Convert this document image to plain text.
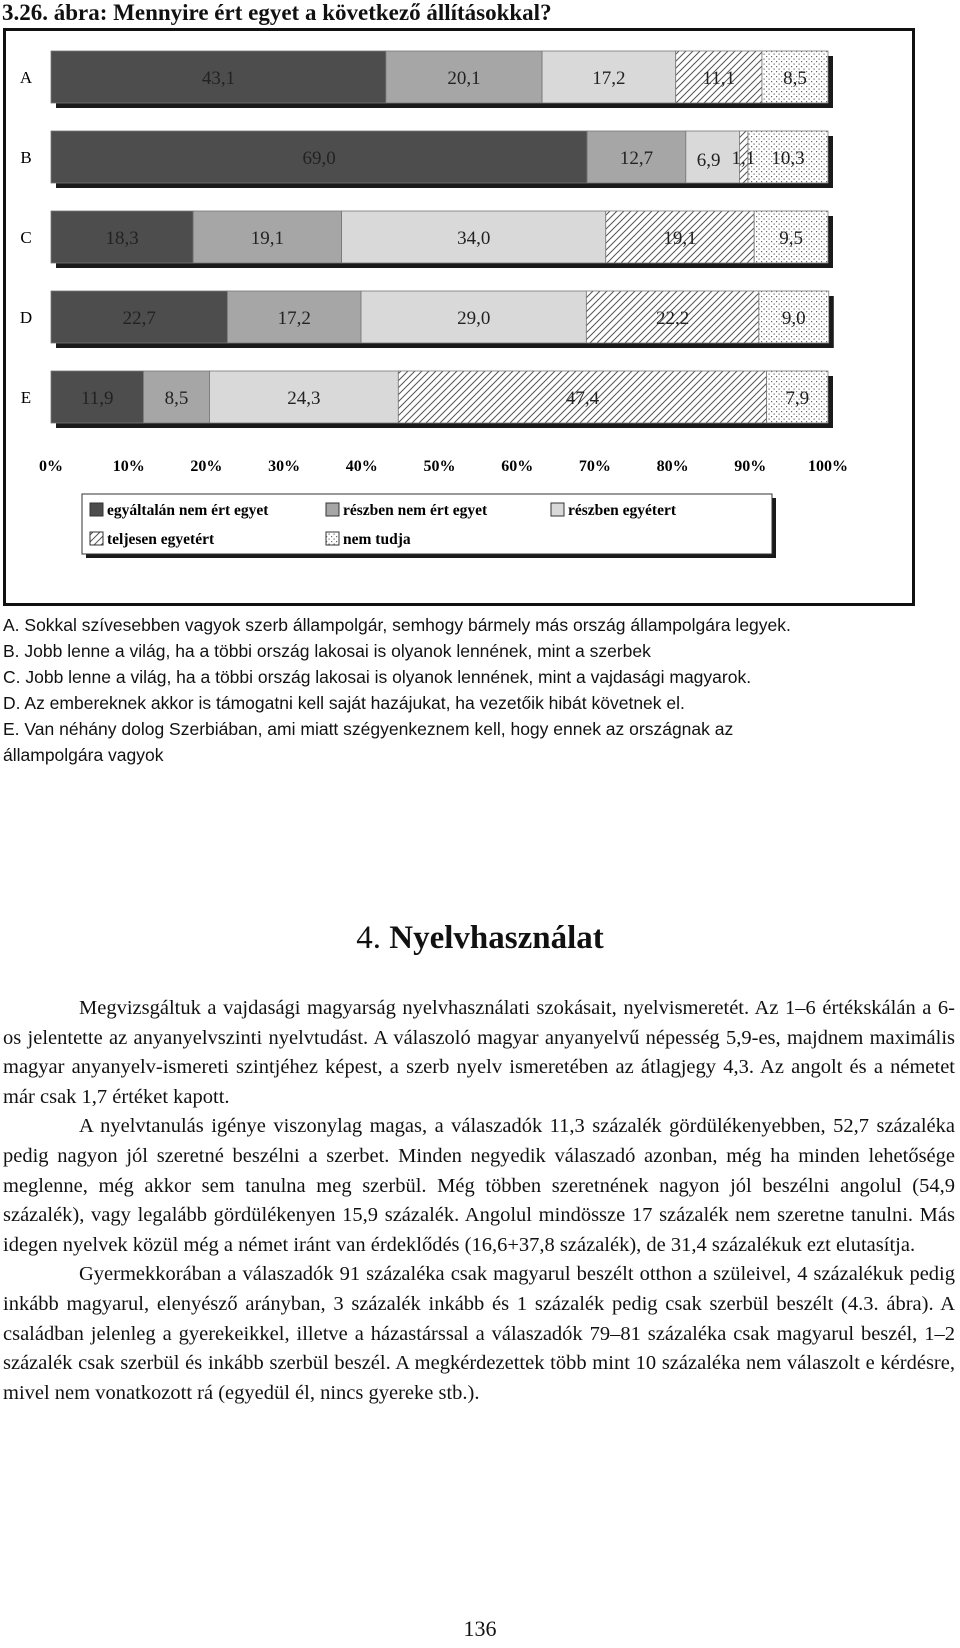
3.26. ábra: Mennyire ért egyet a következő állításokkal?
A	43,1	20,1	17,2	11,1	8,5
B	69,0	12,7 6,9 1,1 10,3
C	18,3	19,1	34,0	19,1	9,5
D	22,7	17,2	29,0	22,2	9,0
E	11,9	8,5	24,3	47,4	7,9
0%	10%	20%	30%	40%	50%	60%	70%	80%	90%	100%
egyáltalán nem ért egyet	részben nem ért egyet	részben egyétert
teljesen egyetért	nem tudja
A. Sokkal szívesebben vagyok szerb állampolgár, semhogy bármely más ország állampolgára legyek.
B. Jobb lenne a világ, ha a többi ország lakosai is olyanok lennének, mint a szerbek
C. Jobb lenne a világ, ha a többi ország lakosai is olyanok lennének, mint a vajdasági magyarok.
D. Az embereknek akkor is támogatni kell saját hazájukat, ha vezetőik hibát követnek el.
E. Van néhány dolog Szerbiában, ami miatt szégyenkeznem kell, hogy ennek az országnak az állampolgára vagyok
4. Nyelvhasználat

Megvizsgáltuk a vajdasági magyarság nyelvhasználati szokásait, nyelvismeretét. Az 1–6 értékskálán a 6-os jelentette az anyanyelvszinti nyelvtudást. A válaszoló magyar anyanyelvű népesség 5,9-es, majdnem maximális magyar anyanyelv-ismereti szintjéhez képest, a szerb nyelv ismeretében az átlagjegy 4,3. Az angolt és a németet már csak 1,7 értéket kapott.

A nyelvtanulás igénye viszonylag magas, a válaszadók 11,3 százalék gördülékenyebben, 52,7 százaléka pedig nagyon jól szeretné beszélni a szerbet. Minden negyedik válaszadó azonban, még ha minden lehetősége meglenne, még akkor sem tanulna meg szerbül. Még többen szeretnének nagyon jól beszélni angolul (54,9 százalék), vagy legalább gördülékenyen 15,9 százalék. Angolul mindössze 17 százalék nem szeretne tanulni. Más idegen nyelvek közül még a német iránt van érdeklődés (16,6+37,8 százalék), de 31,4 százalékuk ezt elutasítja.

Gyermekkorában a válaszadók 91 százaléka csak magyarul beszélt otthon a szüleivel, 4 százalékuk pedig inkább magyarul, elenyésző arányban, 3 százalék inkább és 1 százalék pedig csak szerbül beszélt (4.3. ábra). A családban jelenleg a gyerekeikkel, illetve a házastárssal a válaszadók 79–81 százaléka csak magyarul beszél, 1–2 százalék csak szerbül és inkább szerbül beszél. A megkérdezettek több mint 10 százaléka nem válaszolt e kérdésre, mivel nem vonatkozott rá (egyedül él, nincs gyereke stb.).

136
